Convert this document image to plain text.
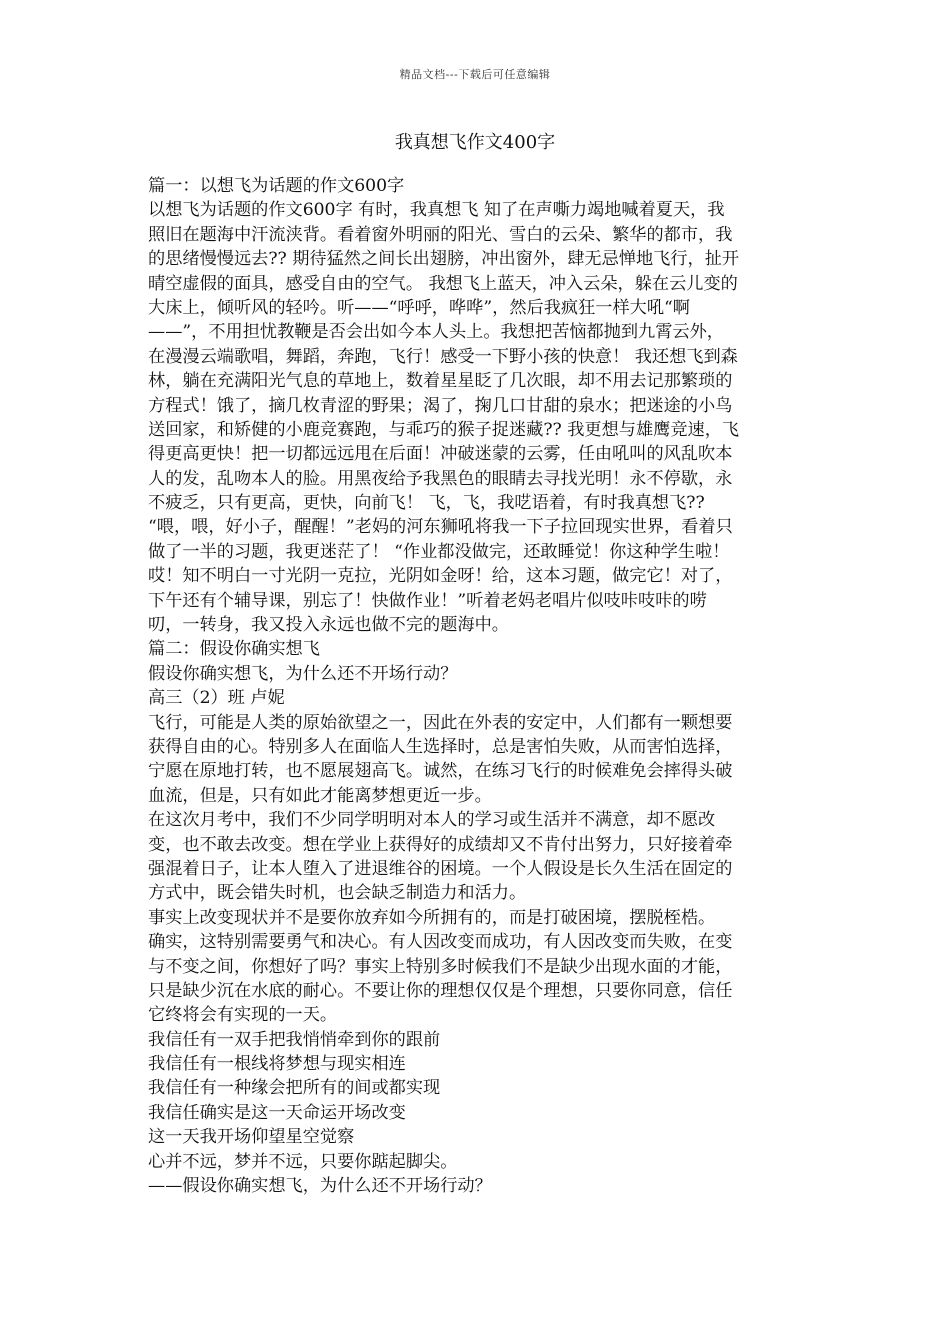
精品文档---下载后可任意编辑
我真想飞作文400字
篇一：以想飞为话题的作文600字
以想飞为话题的作文600字 有时，我真想飞 知了在声嘶力竭地喊着夏天，我
照旧在题海中汗流浃背。看着窗外明丽的阳光、雪白的云朵、繁华的都市，我
的思绪慢慢远去?? 期待猛然之间长出翅膀，冲出窗外，肆无忌惮地飞行，扯开
晴空虚假的面具，感受自由的空气。 我想飞上蓝天，冲入云朵，躲在云儿变的
大床上，倾听风的轻吟。听——“呼呼，哗哗”，然后我疯狂一样大吼“啊
——”，不用担忧教鞭是否会出如今本人头上。我想把苦恼都抛到九霄云外，
在漫漫云端歌唱，舞蹈，奔跑，飞行！感受一下野小孩的快意！ 我还想飞到森
林，躺在充满阳光气息的草地上，数着星星眨了几次眼，却不用去记那繁琐的
方程式！饿了，摘几枚青涩的野果；渴了，掬几口甘甜的泉水；把迷途的小鸟
送回家，和矫健的小鹿竞赛跑，与乖巧的猴子捉迷藏?? 我更想与雄鹰竞速，飞
得更高更快！把一切都远远甩在后面！冲破迷蒙的云雾，任由吼叫的风乱吹本
人的发，乱吻本人的脸。用黑夜给予我黑色的眼睛去寻找光明！永不停歇，永
不疲乏，只有更高，更快，向前飞！ 飞，飞，我呓语着，有时我真想飞??
“喂，喂，好小子，醒醒！”老妈的河东狮吼将我一下子拉回现实世界，看着只
做了一半的习题，我更迷茫了！ “作业都没做完，还敢睡觉！你这种学生啦！
哎！知不明白一寸光阴一克拉，光阴如金呀！给，这本习题，做完它！对了，
下午还有个辅导课，别忘了！快做作业！”听着老妈老唱片似吱咔吱咔的唠
叨，一转身，我又投入永远也做不完的题海中。
篇二：假设你确实想飞
假设你确实想飞，为什么还不开场行动？
高三（2）班 卢妮
飞行，可能是人类的原始欲望之一，因此在外表的安定中，人们都有一颗想要
获得自由的心。特别多人在面临人生选择时，总是害怕失败，从而害怕选择，
宁愿在原地打转，也不愿展翅高飞。诚然，在练习飞行的时候难免会摔得头破
血流，但是，只有如此才能离梦想更近一步。
在这次月考中，我们不少同学明明对本人的学习或生活并不满意，却不愿改
变，也不敢去改变。想在学业上获得好的成绩却又不肯付出努力，只好接着牵
强混着日子，让本人堕入了进退维谷的困境。一个人假设是长久生活在固定的
方式中，既会错失时机，也会缺乏制造力和活力。
事实上改变现状并不是要你放弃如今所拥有的，而是打破困境，摆脱桎梏。
确实，这特别需要勇气和决心。有人因改变而成功，有人因改变而失败，在变
与不变之间，你想好了吗？事实上特别多时候我们不是缺少出现水面的才能，
只是缺少沉在水底的耐心。不要让你的理想仅仅是个理想，只要你同意，信任
它终将会有实现的一天。
我信任有一双手把我悄悄牵到你的跟前
我信任有一根线将梦想与现实相连
我信任有一种缘会把所有的间或都实现
我信任确实是这一天命运开场改变
这一天我开场仰望星空觉察
心并不远，梦并不远，只要你踮起脚尖。
——假设你确实想飞，为什么还不开场行动？
